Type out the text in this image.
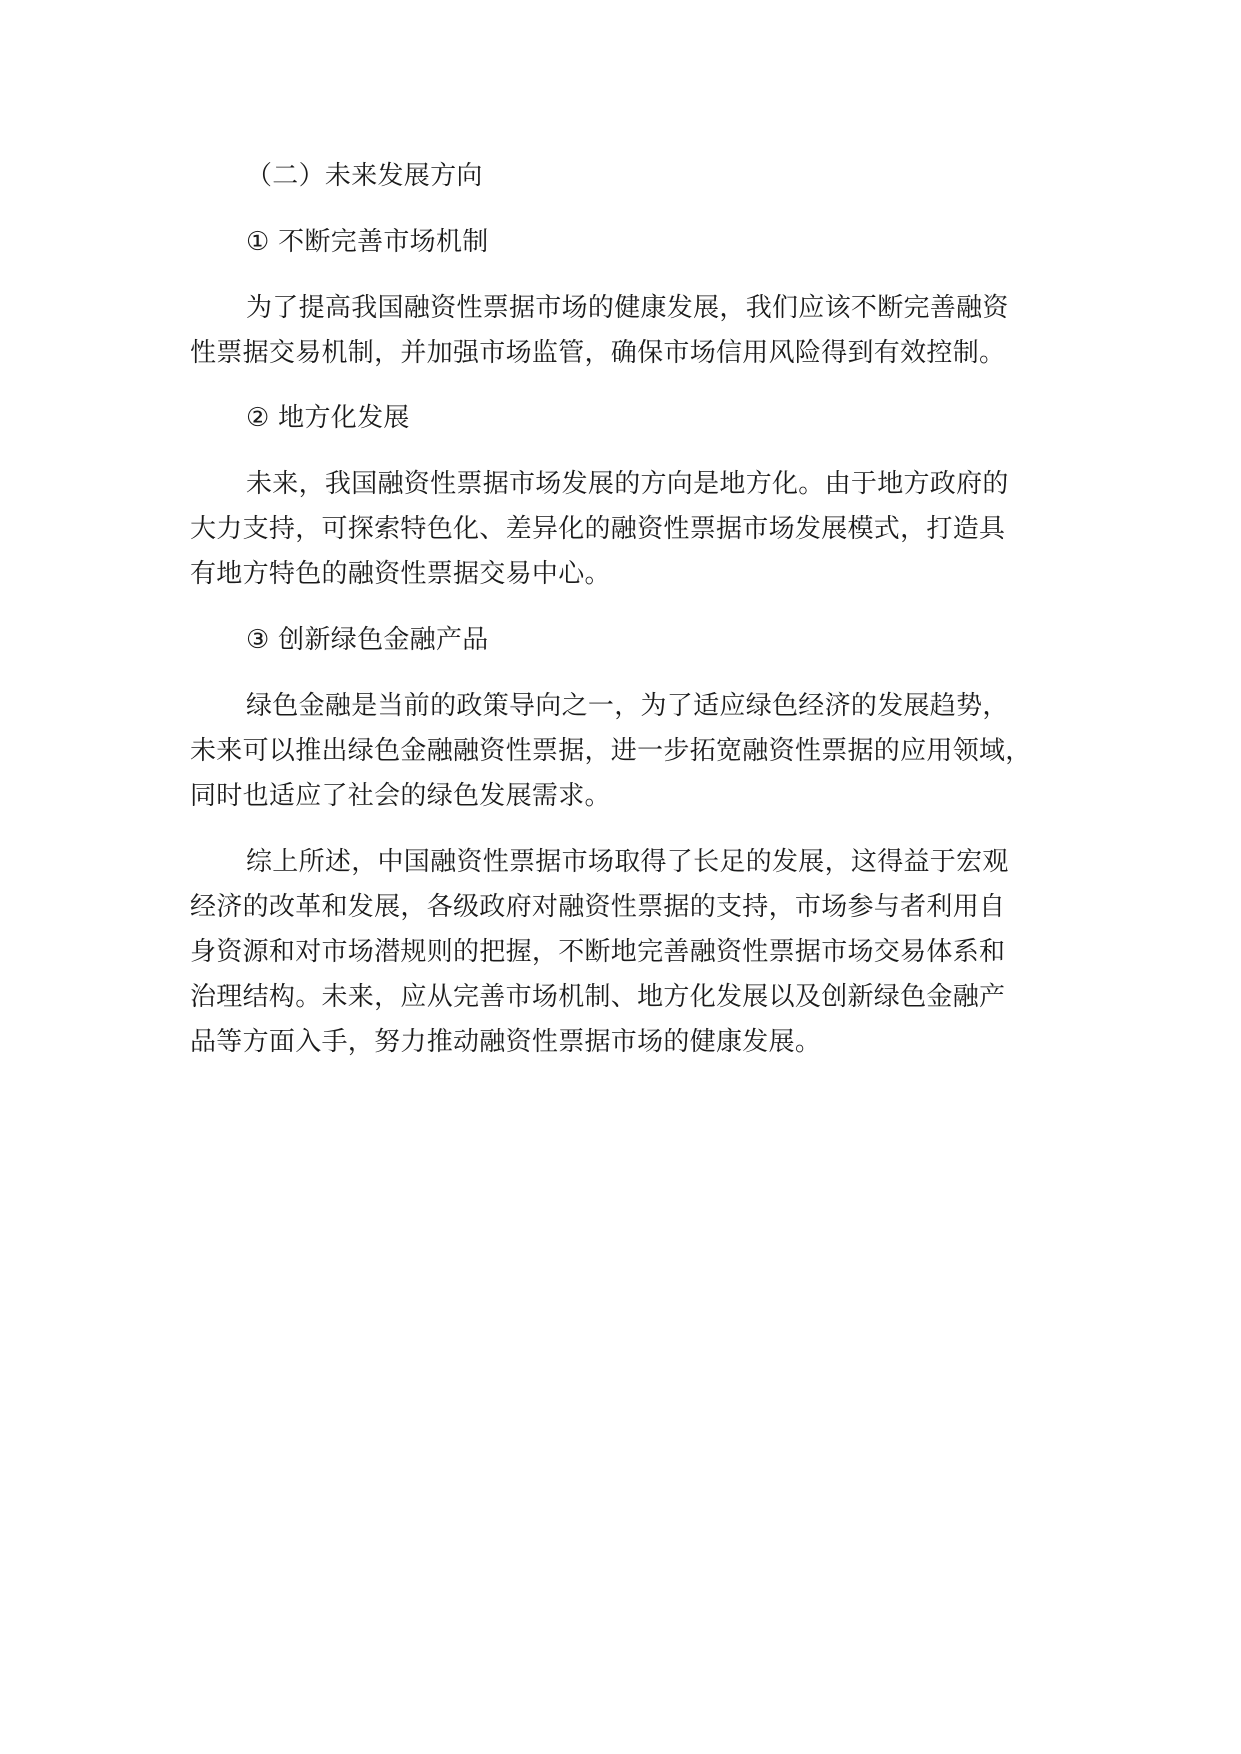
（二）未来发展方向
① 不断完善市场机制
为了提高我国融资性票据市场的健康发展，我们应该不断完善融资
性票据交易机制，并加强市场监管，确保市场信用风险得到有效控制。
② 地方化发展
未来，我国融资性票据市场发展的方向是地方化。由于地方政府的
大力支持，可探索特色化、差异化的融资性票据市场发展模式，打造具
有地方特色的融资性票据交易中心。
③ 创新绿色金融产品
绿色金融是当前的政策导向之一，为了适应绿色经济的发展趋势，
未来可以推出绿色金融融资性票据，进一步拓宽融资性票据的应用领域，
同时也适应了社会的绿色发展需求。
综上所述，中国融资性票据市场取得了长足的发展，这得益于宏观
经济的改革和发展，各级政府对融资性票据的支持，市场参与者利用自
身资源和对市场潜规则的把握，不断地完善融资性票据市场交易体系和
治理结构。未来，应从完善市场机制、地方化发展以及创新绿色金融产
品等方面入手，努力推动融资性票据市场的健康发展。
